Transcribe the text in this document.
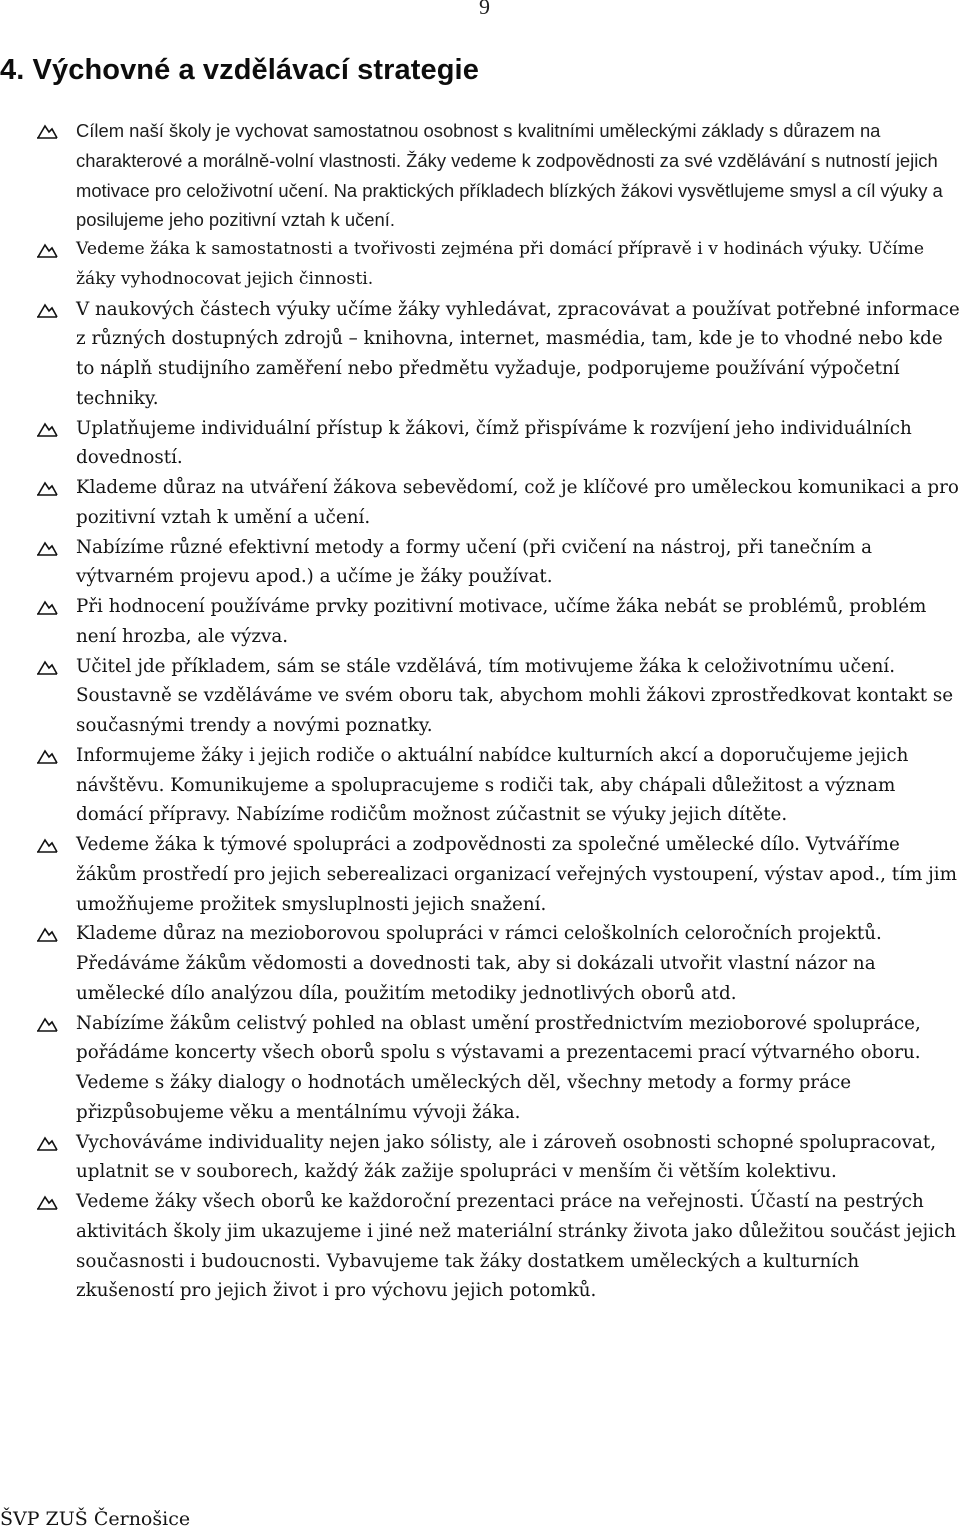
9
4. Výchovné a vzdělávací strategie
Cílem naší školy je vychovat samostatnou osobnost s kvalitními uměleckými základy s důrazem na charakterové a morálně-volní vlastnosti. Žáky vedeme k zodpovědnosti za své vzdělávání s nutností jejich motivace pro celoživotní učení. Na praktických příkladech blízkých žákovi vysvětlujeme smysl a cíl výuky a posilujeme jeho pozitivní vztah k učení.
Vedeme žáka k samostatnosti a tvořivosti zejména při domácí přípravě i v hodinách výuky. Učíme žáky vyhodnocovat jejich činnosti.
V naukových částech výuky učíme žáky vyhledávat, zpracovávat a používat potřebné informace z různých dostupných zdrojů – knihovna, internet, masmédia, tam, kde je to vhodné nebo kde to náplň studijního zaměření nebo předmětu vyžaduje, podporujeme používání výpočetní techniky.
Uplatňujeme individuální přístup k žákovi, čímž přispíváme k rozvíjení jeho individuálních dovedností.
Klademe důraz na utváření žákova sebevědomí, což je klíčové pro uměleckou komunikaci a pro pozitivní vztah k umění a učení.
Nabízíme různé efektivní metody a formy učení (při cvičení na nástroj, při tanečním a výtvarném projevu apod.) a učíme je žáky používat.
Při hodnocení používáme prvky pozitivní motivace, učíme žáka nebát se problémů, problém není hrozba, ale výzva.
Učitel jde příkladem, sám se stále vzdělává, tím motivujeme žáka k celoživotnímu učení. Soustavně se vzděláváme ve svém oboru tak, abychom mohli žákovi zprostředkovat kontakt se současnými trendy a novými poznatky.
Informujeme žáky i jejich rodiče o aktuální nabídce kulturních akcí a doporučujeme jejich návštěvu. Komunikujeme a spolupracujeme s rodiči tak, aby chápali důležitost a význam domácí přípravy. Nabízíme rodičům možnost zúčastnit se výuky jejich dítěte.
Vedeme žáka k týmové spolupráci a zodpovědnosti za společné umělecké dílo. Vytváříme žákům prostředí pro jejich seberealizaci organizací veřejných vystoupení, výstav apod., tím jim umožňujeme prožitek smysluplnosti jejich snažení.
Klademe důraz na mezioborovou spolupráci v rámci celoškolních celoročních projektů. Předáváme žákům vědomosti a dovednosti tak, aby si dokázali utvořit vlastní názor na umělecké dílo analýzou díla, použitím metodiky jednotlivých oborů atd.
Nabízíme žákům celistvý pohled na oblast umění prostřednictvím mezioborové spolupráce, pořádáme koncerty všech oborů spolu s výstavami a prezentacemi prací výtvarného oboru. Vedeme s žáky dialogy o hodnotách uměleckých děl, všechny metody a formy práce přizpůsobujeme věku a mentálnímu vývoji žáka.
Vychováváme individuality nejen jako sólisty, ale i zároveň osobnosti schopné spolupracovat, uplatnit se v souborech, každý žák zažije spolupráci v menším či větším kolektivu.
Vedeme žáky všech oborů ke každoroční prezentaci práce na veřejnosti. Účastí na pestrých aktivitách školy jim ukazujeme i jiné než materiální stránky života jako důležitou součást jejich současnosti i budoucnosti. Vybavujeme tak žáky dostatkem uměleckých a kulturních zkušeností pro jejich život i pro výchovu jejich potomků.
ŠVP ZUŠ Černošice
